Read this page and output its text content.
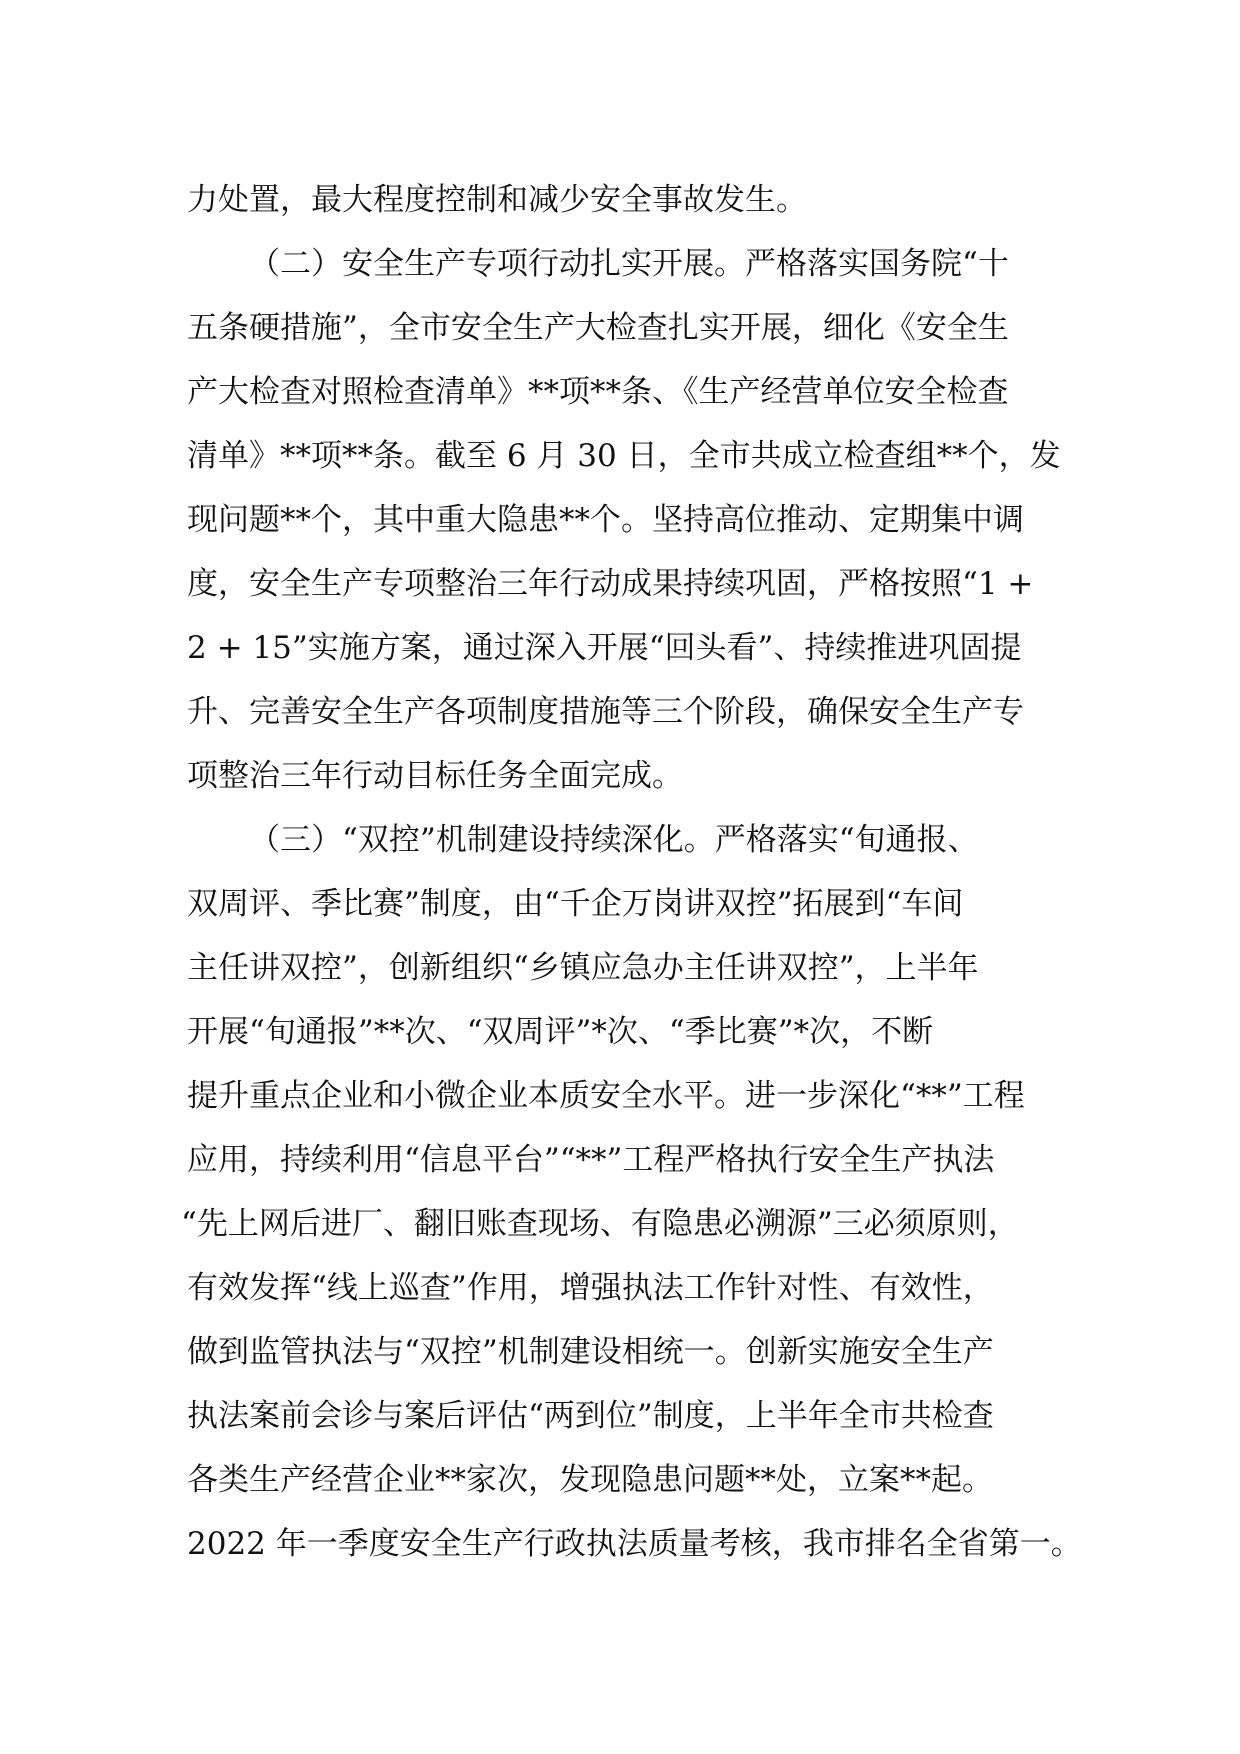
力处置，最大程度控制和减少安全事故发生。
（二）安全生产专项行动扎实开展。严格落实国务院“十
五条硬措施”，全市安全生产大检查扎实开展，细化《安全生
产大检查对照检查清单》**项**条、《生产经营单位安全检查
清单》**项**条。截至 6 月 30 日，全市共成立检查组**个，发
现问题**个，其中重大隐患**个。坚持高位推动、定期集中调
度，安全生产专项整治三年行动成果持续巩固，严格按照“1 +
2 + 15”实施方案，通过深入开展“回头看”、持续推进巩固提
升、完善安全生产各项制度措施等三个阶段，确保安全生产专
项整治三年行动目标任务全面完成。
（三）“双控”机制建设持续深化。严格落实“旬通报、
双周评、季比赛”制度，由“千企万岗讲双控”拓展到“车间
主任讲双控”，创新组织“乡镇应急办主任讲双控”，上半年
开展“旬通报”**次、“双周评”*次、“季比赛”*次，不断
提升重点企业和小微企业本质安全水平。进一步深化“**”工程
应用，持续利用“信息平台”“**”工程严格执行安全生产执法
“先上网后进厂、翻旧账查现场、有隐患必溯源”三必须原则，
有效发挥“线上巡查”作用，增强执法工作针对性、有效性，
做到监管执法与“双控”机制建设相统一。创新实施安全生产
执法案前会诊与案后评估“两到位”制度，上半年全市共检查
各类生产经营企业**家次，发现隐患问题**处，立案**起。
2022 年一季度安全生产行政执法质量考核，我市排名全省第一。
